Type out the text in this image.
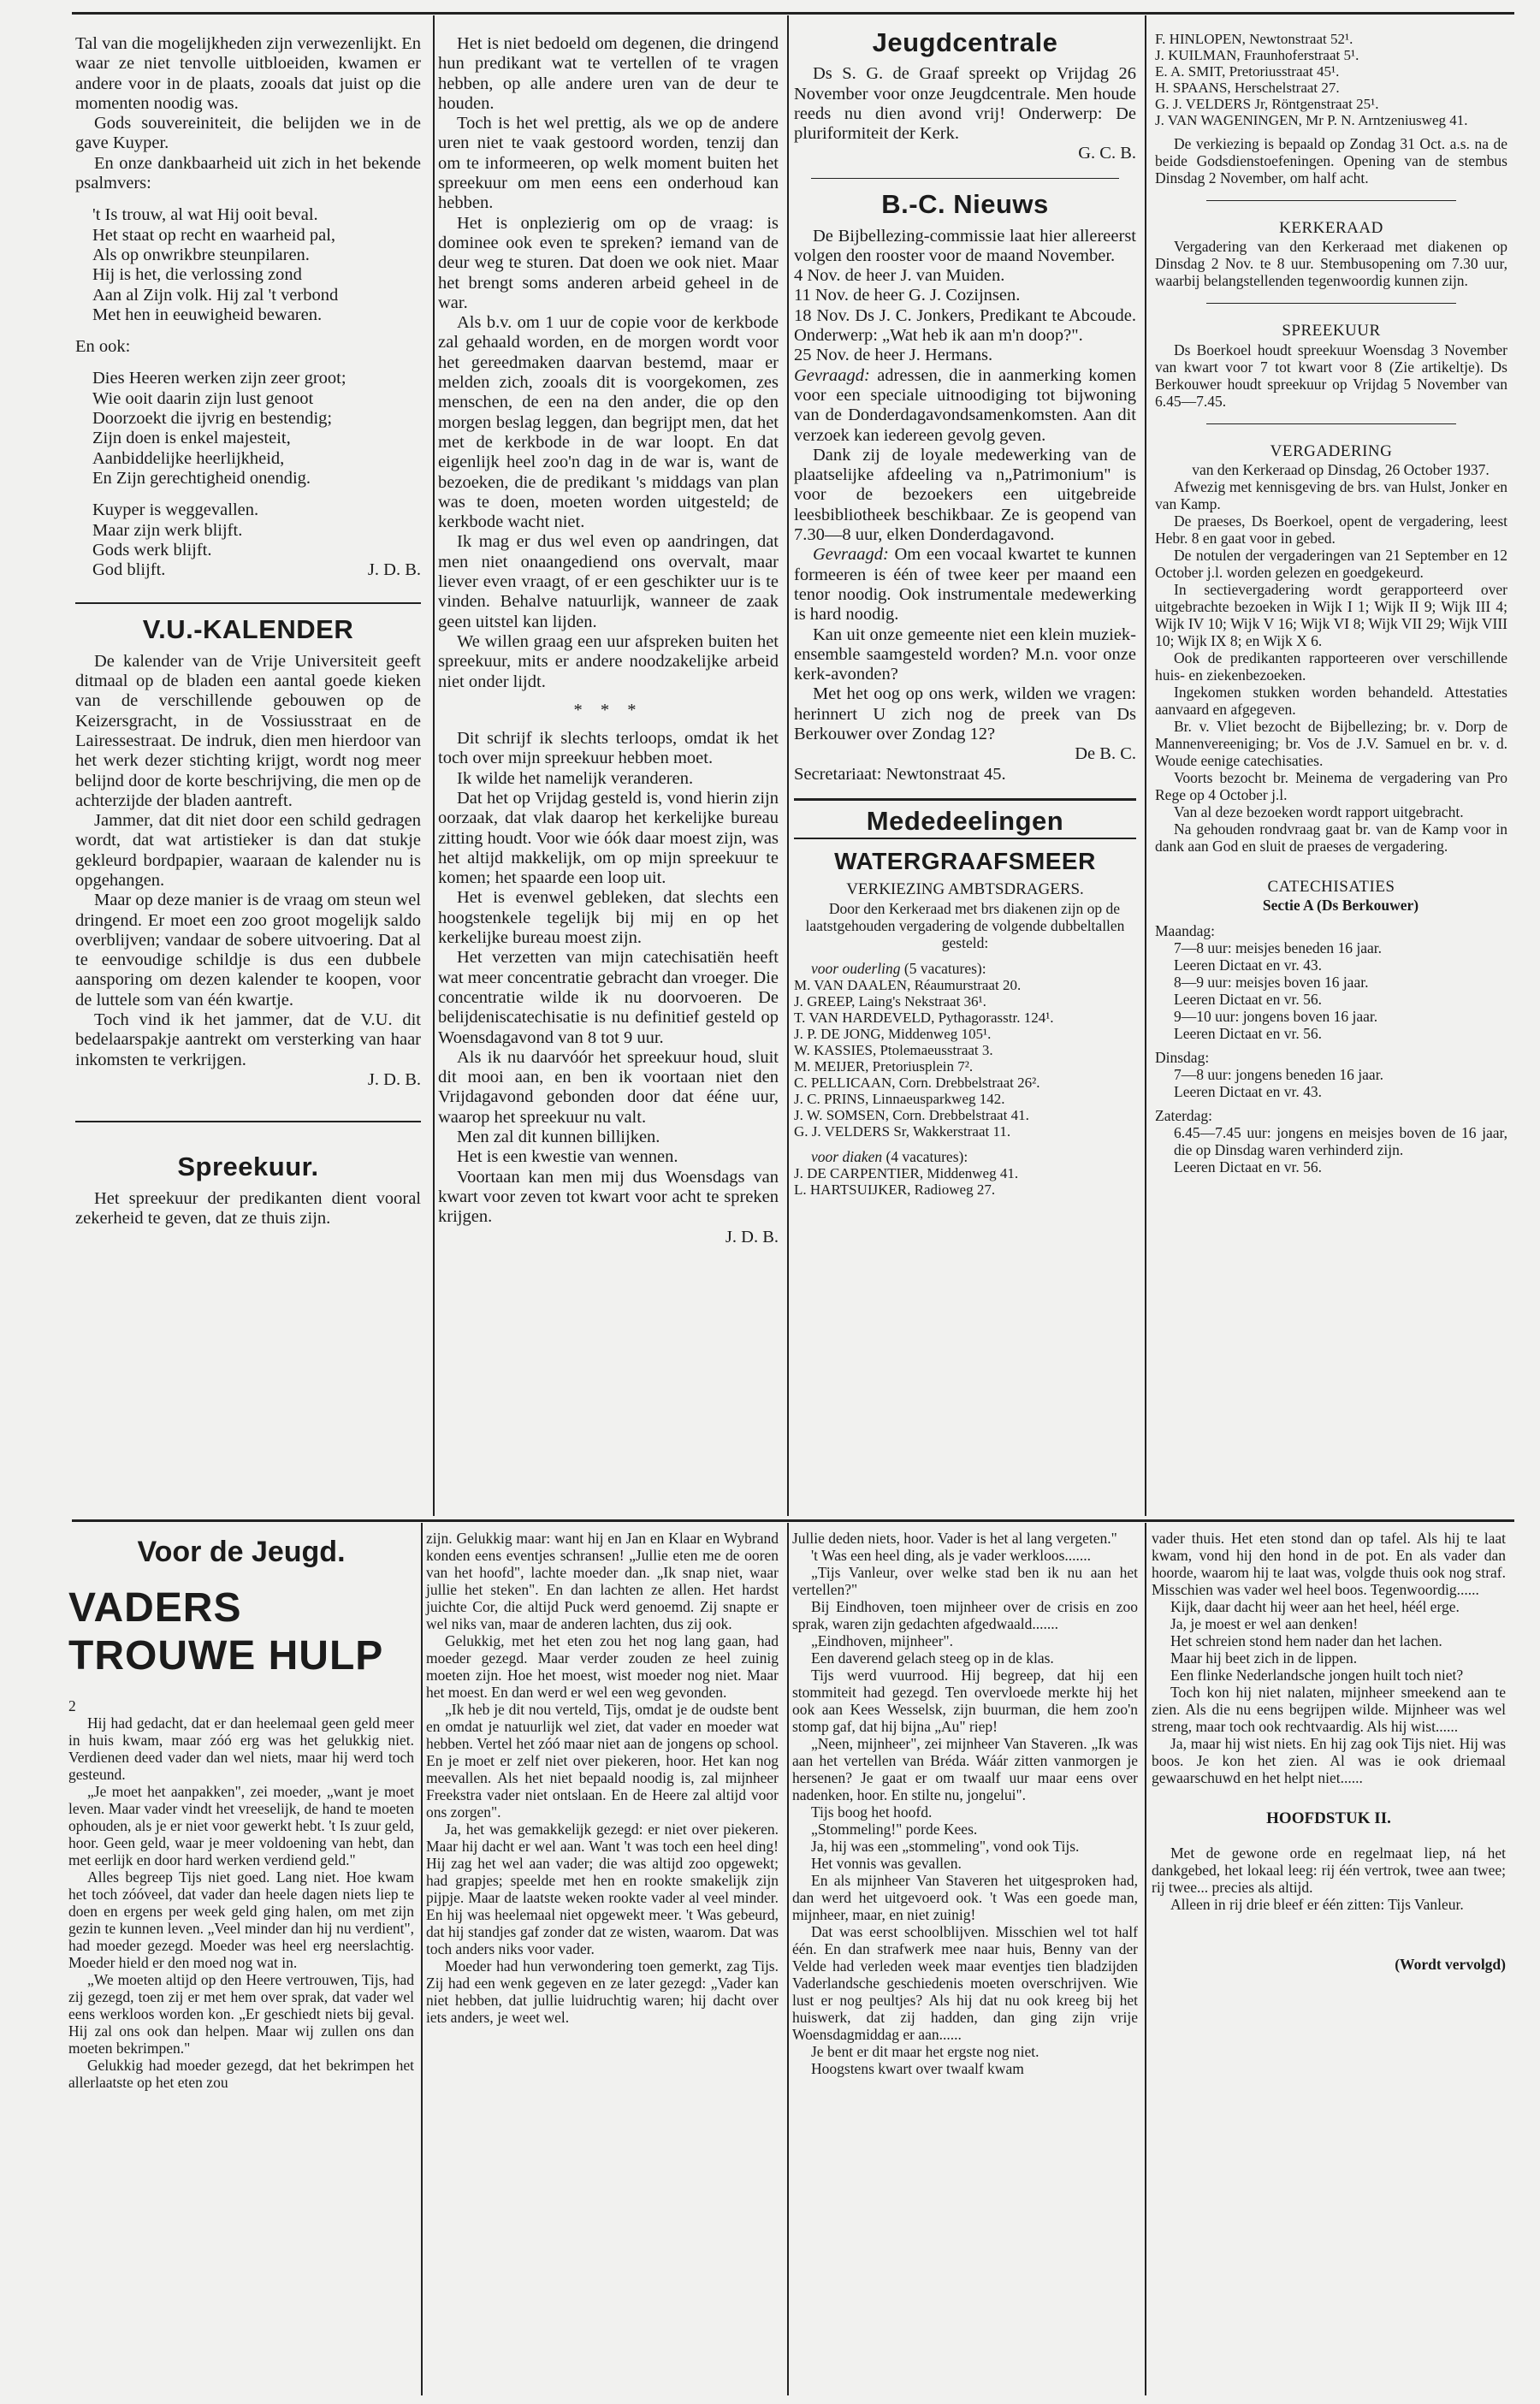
Tal van die mogelijkheden zijn verwezenlijkt. En waar ze niet tenvolle uitbloeiden, kwamen er andere voor in de plaats, zooals dat juist op die momenten noodig was.

Gods souvereiniteit, die belijden we in de gave Kuyper.

En onze dankbaarheid uit zich in het bekende psalmvers:

't Is trouw, al wat Hij ooit beval.
Het staat op recht en waarheid pal,
Als op onwrikbre steunpilaren.
Hij is het, die verlossing zond
Aan al Zijn volk. Hij zal 't verbond
Met hen in eeuwigheid bewaren.

En ook:

Dies Heeren werken zijn zeer groot;
Wie ooit daarin zijn lust genoot
Doorzoekt die ijvrig en bestendig;
Zijn doen is enkel majesteit,
Aanbiddelijke heerlijkheid,
En Zijn gerechtigheid onendig.
Kuyper is weggevallen.
Maar zijn werk blijft.
Gods werk blijft.
God blijft.	J. D. B.
V.U.-KALENDER

De kalender van de Vrije Universiteit geeft ditmaal op de bladen een aantal goede kieken van de verschillende gebouwen op de Keizersgracht, in de Vossiusstraat en de Lairessestraat. De indruk, dien men hierdoor van het werk dezer stichting krijgt, wordt nog meer belijnd door de korte beschrijving, die men op de achterzijde der bladen aantreft.

Jammer, dat dit niet door een schild gedragen wordt, dat wat artistieker is dan dat stukje gekleurd bordpapier, waaraan de kalender nu is opgehangen.

Maar op deze manier is de vraag om steun wel dringend. Er moet een zoo groot mogelijk saldo overblijven; vandaar de sobere uitvoering. Dat al te eenvoudige schildje is dus een dubbele aansporing om dezen kalender te koopen, voor de luttele som van één kwartje.

Toch vind ik het jammer, dat de V.U. dit bedelaarspakje aantrekt om versterking van haar inkomsten te verkrijgen.

J. D. B.

Spreekuur.

Het spreekuur der predikanten dient vooral zekerheid te geven, dat ze thuis zijn.

Het is niet bedoeld om degenen, die dringend hun predikant wat te vertellen of te vragen hebben, op alle andere uren van de deur te houden.

Toch is het wel prettig, als we op de andere uren niet te vaak gestoord worden, tenzij dan om te informeeren, op welk moment buiten het spreekuur om men eens een onderhoud kan hebben.

Het is onplezierig om op de vraag: is dominee ook even te spreken? iemand van de deur weg te sturen. Dat doen we ook niet. Maar het brengt soms anderen arbeid geheel in de war.

Als b.v. om 1 uur de copie voor de kerkbode zal gehaald worden, en de morgen wordt voor het gereedmaken daarvan bestemd, maar er melden zich, zooals dit is voorgekomen, zes menschen, de een na den ander, die op den morgen beslag leggen, dan begrijpt men, dat het met de kerkbode in de war loopt. En dat eigenlijk heel zoo'n dag in de war is, want de bezoeken, die de predikant 's middags van plan was te doen, moeten worden uitgesteld; de kerkbode wacht niet.

Ik mag er dus wel even op aandringen, dat men niet onaangediend ons overvalt, maar liever even vraagt, of er een geschikter uur is te vinden. Behalve natuurlijk, wanneer de zaak geen uitstel kan lijden.

We willen graag een uur afspreken buiten het spreekuur, mits er andere noodzakelijke arbeid niet onder lijdt.

* * *

Dit schrijf ik slechts terloops, omdat ik het toch over mijn spreekuur hebben moet.

Ik wilde het namelijk veranderen.

Dat het op Vrijdag gesteld is, vond hierin zijn oorzaak, dat vlak daarop het kerkelijke bureau zitting houdt. Voor wie óók daar moest zijn, was het altijd makkelijk, om op mijn spreekuur te komen; het spaarde een loop uit.

Het is evenwel gebleken, dat slechts een hoogstenkele tegelijk bij mij en op het kerkelijke bureau moest zijn.

Het verzetten van mijn catechisatiën heeft wat meer concentratie gebracht dan vroeger. Die concentratie wilde ik nu doorvoeren. De belijdeniscatechisatie is nu definitief gesteld op Woensdagavond van 8 tot 9 uur.

Als ik nu daarvóór het spreekuur houd, sluit dit mooi aan, en ben ik voortaan niet den Vrijdagavond gebonden door dat ééne uur, waarop het spreekuur nu valt.

Men zal dit kunnen billijken.

Het is een kwestie van wennen.

Voortaan kan men mij dus Woensdags van kwart voor zeven tot kwart voor acht te spreken krijgen.

J. D. B.

Jeugdcentrale

Ds S. G. de Graaf spreekt op Vrijdag 26 November voor onze Jeugdcentrale. Men houde reeds nu dien avond vrij! Onderwerp: De pluriformiteit der Kerk.

G. C. B.

B.-C. Nieuws

De Bijbellezing-commissie laat hier allereerst volgen den rooster voor de maand November.

4 Nov. de heer J. van Muiden.

11 Nov. de heer G. J. Cozijnsen.

18 Nov. Ds J. C. Jonkers, Predikant te Abcoude. Onderwerp: „Wat heb ik aan m'n doop?".

25 Nov. de heer J. Hermans.

Gevraagd: adressen, die in aanmerking komen voor een speciale uitnoodiging tot bijwoning van de Donderdagavondsamenkomsten. Aan dit verzoek kan iedereen gevolg geven.

Dank zij de loyale medewerking van de plaatselijke afdeeling va n„Patrimonium" is voor de bezoekers een uitgebreide leesbibliotheek beschikbaar. Ze is geopend van 7.30—8 uur, elken Donderdagavond.

Gevraagd: Om een vocaal kwartet te kunnen formeeren is één of twee keer per maand een tenor noodig. Ook instrumentale medewerking is hard noodig.

Kan uit onze gemeente niet een klein muziek-ensemble saamgesteld worden? M.n. voor onze kerk-avonden?

Met het oog op ons werk, wilden we vragen: herinnert U zich nog de preek van Ds Berkouwer over Zondag 12?

De B. C.

Secretariaat: Newtonstraat 45.

Mededeelingen
WATERGRAAFSMEER
VERKIEZING AMBTSDRAGERS.

Door den Kerkeraad met brs diakenen zijn op de laatstgehouden vergadering de volgende dubbeltallen gesteld:

voor ouderling (5 vacatures):

M. VAN DAALEN, Réaumurstraat 20.

J. GREEP, Laing's Nekstraat 36¹.

T. VAN HARDEVELD, Pythagorasstr. 124¹.

J. P. DE JONG, Middenweg 105¹.

W. KASSIES, Ptolemaeusstraat 3.

M. MEIJER, Pretoriusplein 7².

C. PELLICAAN, Corn. Drebbelstraat 26².

J. C. PRINS, Linnaeusparkweg 142.

J. W. SOMSEN, Corn. Drebbelstraat 41.

G. J. VELDERS Sr, Wakkerstraat 11.

voor diaken (4 vacatures):

J. DE CARPENTIER, Middenweg 41.

L. HARTSUIJKER, Radioweg 27.

F. HINLOPEN, Newtonstraat 52¹.

J. KUILMAN, Fraunhoferstraat 5¹.

E. A. SMIT, Pretoriusstraat 45¹.

H. SPAANS, Herschelstraat 27.

G. J. VELDERS Jr, Röntgenstraat 25¹.

J. VAN WAGENINGEN, Mr P. N. Arntzeniusweg 41.

De verkiezing is bepaald op Zondag 31 Oct. a.s. na de beide Godsdienstoefeningen. Opening van de stembus Dinsdag 2 November, om half acht.

KERKERAAD

Vergadering van den Kerkeraad met diakenen op Dinsdag 2 Nov. te 8 uur. Stembusopening om 7.30 uur, waarbij belangstellenden tegenwoordig kunnen zijn.

SPREEKUUR

Ds Boerkoel houdt spreekuur Woensdag 3 November van kwart voor 7 tot kwart voor 8 (Zie artikeltje). Ds Berkouwer houdt spreekuur op Vrijdag 5 November van 6.45—7.45.

VERGADERING

van den Kerkeraad op Dinsdag, 26 October 1937.

Afwezig met kennisgeving de brs. van Hulst, Jonker en van Kamp.

De praeses, Ds Boerkoel, opent de vergadering, leest Hebr. 8 en gaat voor in gebed.

De notulen der vergaderingen van 21 September en 12 October j.l. worden gelezen en goedgekeurd.

In sectievergadering wordt gerapporteerd over uitgebrachte bezoeken in Wijk I 1; Wijk II 9; Wijk III 4; Wijk IV 10; Wijk V 16; Wijk VI 8; Wijk VII 29; Wijk VIII 10; Wijk IX 8; en Wijk X 6.

Ook de predikanten rapporteeren over verschillende huis- en ziekenbezoeken.

Ingekomen stukken worden behandeld. Attestaties aanvaard en afgegeven.

Br. v. Vliet bezocht de Bijbellezing; br. v. Dorp de Mannenvereeniging; br. Vos de J.V. Samuel en br. v. d. Woude eenige catechisaties.

Voorts bezocht br. Meinema de vergadering van Pro Rege op 4 October j.l.

Van al deze bezoeken wordt rapport uitgebracht.

Na gehouden rondvraag gaat br. van de Kamp voor in dank aan God en sluit de praeses de vergadering.

CATECHISATIES

Sectie A (Ds Berkouwer)

Maandag:

7—8 uur: meisjes beneden 16 jaar.

Leeren Dictaat en vr. 43.

8—9 uur: meisjes boven 16 jaar.

Leeren Dictaat en vr. 56.

9—10 uur: jongens boven 16 jaar.

Leeren Dictaat en vr. 56.

Dinsdag:

7—8 uur: jongens beneden 16 jaar.

Leeren Dictaat en vr. 43.

Zaterdag:

6.45—7.45 uur: jongens en meisjes boven de 16 jaar, die op Dinsdag waren verhinderd zijn.

Leeren Dictaat en vr. 56.

Voor de Jeugd.
VADERS
TROUWE HULP

2

Hij had gedacht, dat er dan heelemaal geen geld meer in huis kwam, maar zóó erg was het gelukkig niet. Verdienen deed vader dan wel niets, maar hij werd toch gesteund.

„Je moet het aanpakken", zei moeder, „want je moet leven. Maar vader vindt het vreeselijk, de hand te moeten ophouden, als je er niet voor gewerkt hebt. 't Is zuur geld, hoor. Geen geld, waar je meer voldoening van hebt, dan met eerlijk en door hard werken verdiend geld."

Alles begreep Tijs niet goed. Lang niet. Hoe kwam het toch zóóveel, dat vader dan heele dagen niets liep te doen en ergens per week geld ging halen, om met zijn gezin te kunnen leven. „Veel minder dan hij nu verdient", had moeder gezegd. Moeder was heel erg neerslachtig. Moeder hield er den moed nog wat in.

„We moeten altijd op den Heere vertrouwen, Tijs, had zij gezegd, toen zij er met hem over sprak, dat vader wel eens werkloos worden kon. „Er geschiedt niets bij geval. Hij zal ons ook dan helpen. Maar wij zullen ons dan moeten bekrimpen."

Gelukkig had moeder gezegd, dat het bekrimpen het allerlaatste op het eten zou

zijn. Gelukkig maar: want hij en Jan en Klaar en Wybrand konden eens eventjes schransen! „Jullie eten me de ooren van het hoofd", lachte moeder dan. „Ik snap niet, waar jullie het steken". En dan lachten ze allen. Het hardst juichte Cor, die altijd Puck werd genoemd. Zij snapte er wel niks van, maar de anderen lachten, dus zij ook.

Gelukkig, met het eten zou het nog lang gaan, had moeder gezegd. Maar verder zouden ze heel zuinig moeten zijn. Hoe het moest, wist moeder nog niet. Maar het moest. En dan werd er wel een weg gevonden.

„Ik heb je dit nou verteld, Tijs, omdat je de oudste bent en omdat je natuurlijk wel ziet, dat vader en moeder wat hebben. Vertel het zóó maar niet aan de jongens op school. En je moet er zelf niet over piekeren, hoor. Het kan nog meevallen. Als het niet bepaald noodig is, zal mijnheer Freekstra vader niet ontslaan. En de Heere zal altijd voor ons zorgen".

Ja, het was gemakkelijk gezegd: er niet over piekeren. Maar hij dacht er wel aan. Want 't was toch een heel ding! Hij zag het wel aan vader; die was altijd zoo opgewekt; had grapjes; speelde met hen en rookte smakelijk zijn pijpje. Maar de laatste weken rookte vader al veel minder. En hij was heelemaal niet opgewekt meer. 't Was gebeurd, dat hij standjes gaf zonder dat ze wisten, waarom. Dat was toch anders niks voor vader.

Moeder had hun verwondering toen gemerkt, zag Tijs. Zij had een wenk gegeven en ze later gezegd: „Vader kan niet hebben, dat jullie luidruchtig waren; hij dacht over iets anders, je weet wel.

Jullie deden niets, hoor. Vader is het al lang vergeten."

't Was een heel ding, als je vader werkloos.......

„Tijs Vanleur, over welke stad ben ik nu aan het vertellen?"

Bij Eindhoven, toen mijnheer over de crisis en zoo sprak, waren zijn gedachten afgedwaald.......

„Eindhoven, mijnheer".

Een daverend gelach steeg op in de klas.

Tijs werd vuurrood. Hij begreep, dat hij een stommiteit had gezegd. Ten overvloede merkte hij het ook aan Kees Wesselsk, zijn buurman, die hem zoo'n stomp gaf, dat hij bijna „Au" riep!

„Neen, mijnheer", zei mijnheer Van Staveren. „Ik was aan het vertellen van Bréda. Wáár zitten vanmorgen je hersenen? Je gaat er om twaalf uur maar eens over nadenken, hoor. En stilte nu, jongelui".

Tijs boog het hoofd.

„Stommeling!" porde Kees.

Ja, hij was een „stommeling", vond ook Tijs.

Het vonnis was gevallen.

En als mijnheer Van Staveren het uitgesproken had, dan werd het uitgevoerd ook. 't Was een goede man, mijnheer, maar, en niet zuinig!

Dat was eerst schoolblijven. Misschien wel tot half één. En dan strafwerk mee naar huis, Benny van der Velde had verleden week maar eventjes tien bladzijden Vaderlandsche geschiedenis moeten overschrijven. Wie lust er nog peultjes? Als hij dat nu ook kreeg bij het huiswerk, dat zij hadden, dan ging zijn vrije Woensdagmiddag er aan......

Je bent er dit maar het ergste nog niet.

Hoogstens kwart over twaalf kwam

vader thuis. Het eten stond dan op tafel. Als hij te laat kwam, vond hij den hond in de pot. En als vader dan hoorde, waarom hij te laat was, volgde thuis ook nog straf. Misschien was vader wel heel boos. Tegenwoordig......

Kijk, daar dacht hij weer aan het heel, héél erge.

Ja, je moest er wel aan denken!

Het schreien stond hem nader dan het lachen.

Maar hij beet zich in de lippen.

Een flinke Nederlandsche jongen huilt toch niet?

Toch kon hij niet nalaten, mijnheer smeekend aan te zien. Als die nu eens begrijpen wilde. Mijnheer was wel streng, maar toch ook rechtvaardig. Als hij wist......

Ja, maar hij wist niets. En hij zag ook Tijs niet. Hij was boos. Je kon het zien. Al was ie ook driemaal gewaarschuwd en het helpt niet......

HOOFDSTUK II.

Met de gewone orde en regelmaat liep, ná het dankgebed, het lokaal leeg: rij één vertrok, twee aan twee; rij twee... precies als altijd.

Alleen in rij drie bleef er één zitten: Tijs Vanleur.

(Wordt vervolgd)
